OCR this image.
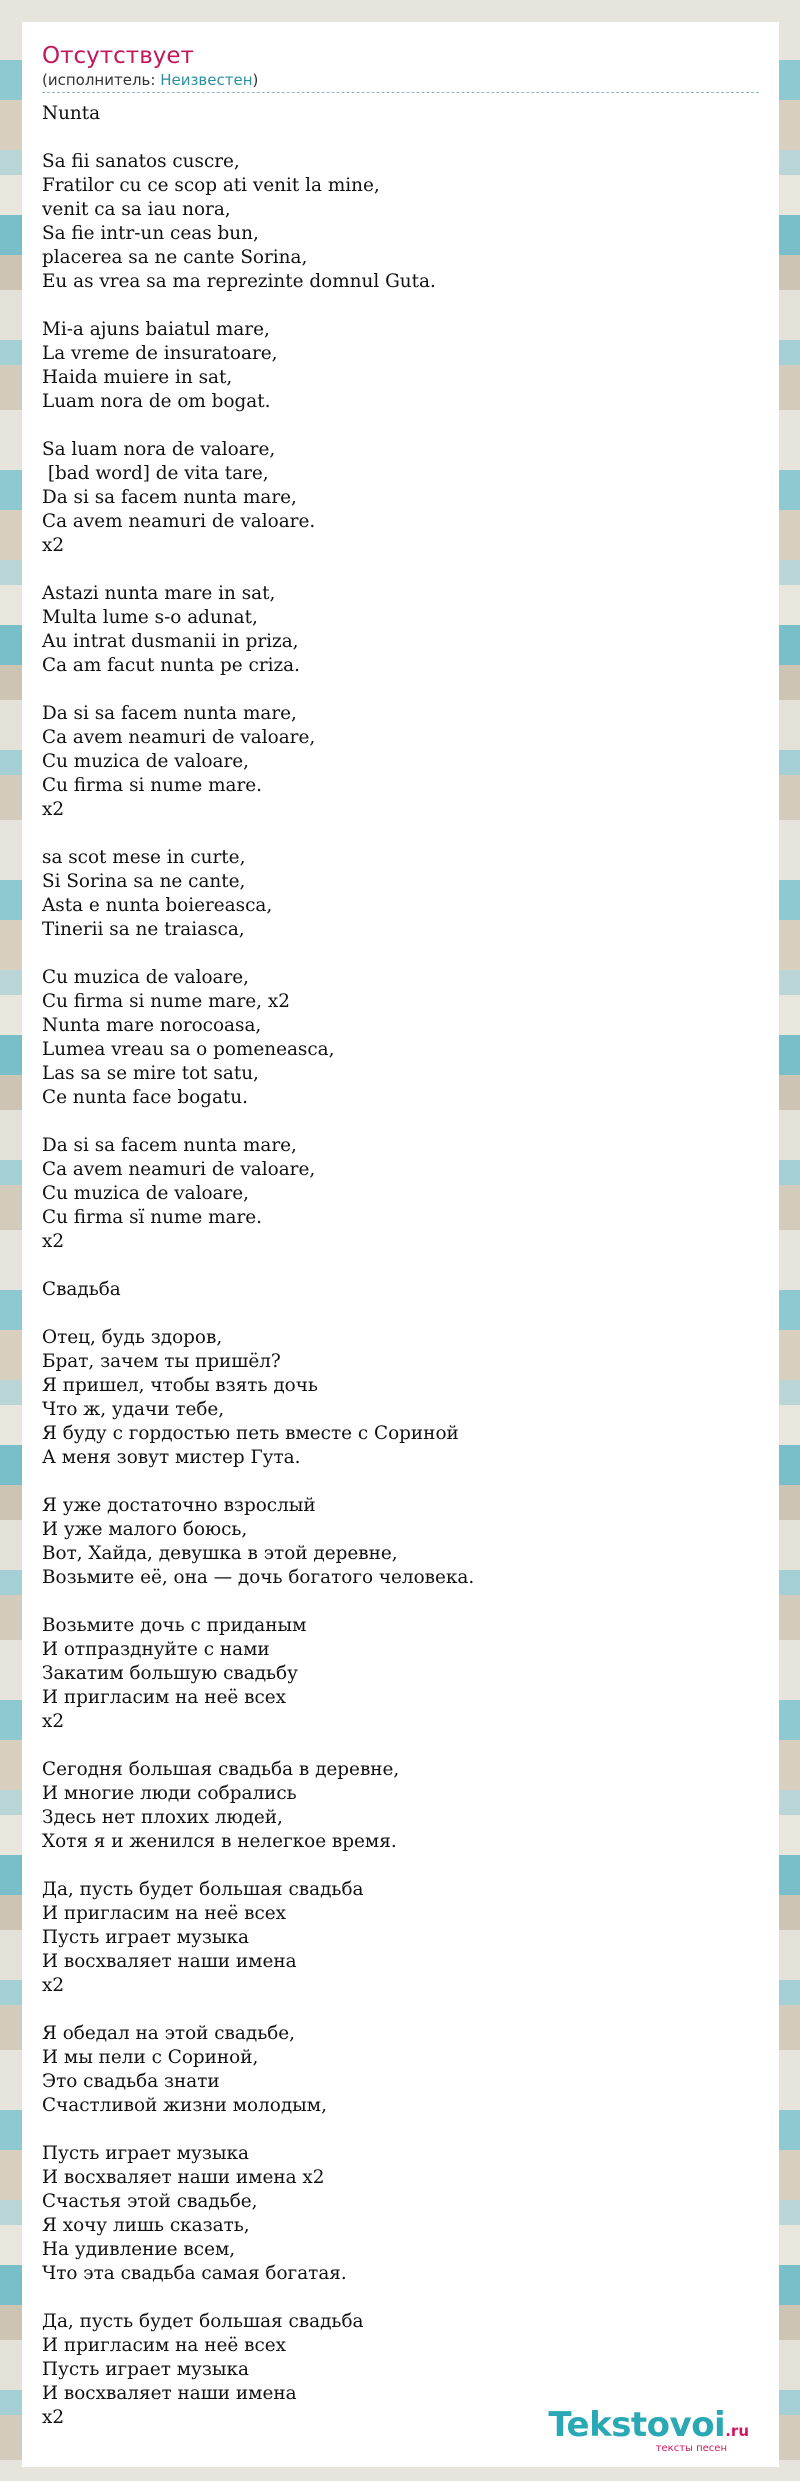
Отсутствует
(исполнитель: Неизвестен)
Nunta

Sa fii sanatos cuscre,
Fratilor cu ce scop ati venit la mine,
venit ca sa iau nora,
Sa fie intr-un ceas bun,
placerea sa ne cante Sorina,
Eu as vrea sa ma reprezinte domnul Guta.

Mi-a ajuns baiatul mare,
La vreme de insuratoare,
Haida muiere in sat,
Luam nora de om bogat.

Sa luam nora de valoare,
[bad word] de vita tare,
Da si sa facem nunta mare,
Ca avem neamuri de valoare.
x2

Astazi nunta mare in sat,
Multa lume s-o adunat,
Au intrat dusmanii in priza,
Ca am facut nunta pe criza.

Da si sa facem nunta mare,
Ca avem neamuri de valoare,
Cu muzica de valoare,
Cu firma si nume mare.
x2

sa scot mese in curte,
Si Sorina sa ne cante,
Asta e nunta boiereasca,
Tinerii sa ne traiasca,

Cu muzica de valoare,
Cu firma si nume mare, x2
Nunta mare norocoasa,
Lumea vreau sa o pomeneasca,
Las sa se mire tot satu,
Ce nunta face bogatu.

Da si sa facem nunta mare,
Ca avem neamuri de valoare,
Cu muzica de valoare,
Cu firma sï nume mare.
x2

Свадьба

Отец, будь здоров,
Брат, зачем ты пришёл?
Я пришел, чтобы взять дочь
Что ж, удачи тебе,
Я буду с гордостью петь вместе с Сориной
А меня зовут мистер Гута.

Я уже достаточно взрослый
И уже малого боюсь,
Вот, Хайда, девушка в этой деревне,
Возьмите её, она — дочь богатого человека.

Возьмите дочь с приданым
И отпразднуйте с нами
Закатим большую свадьбу
И пригласим на неё всех
x2

Сегодня большая свадьба в деревне,
И многие люди собрались
Здесь нет плохих людей,
Хотя я и женился в нелегкое время.

Да, пусть будет большая свадьба
И пригласим на неё всех
Пусть играет музыка
И восхваляет наши имена
x2

Я обедал на этой свадьбе,
И мы пели с Сориной,
Это свадьба знати
Счастливой жизни молодым,

Пусть играет музыка
И восхваляет наши имена x2
Счастья этой свадьбе,
Я хочу лишь сказать,
На удивление всем,
Что эта свадьба самая богатая.

Да, пусть будет большая свадьба
И пригласим на неё всех
Пусть играет музыка
И восхваляет наши имена
x2	Tekstovoi.ru
тексты песен
